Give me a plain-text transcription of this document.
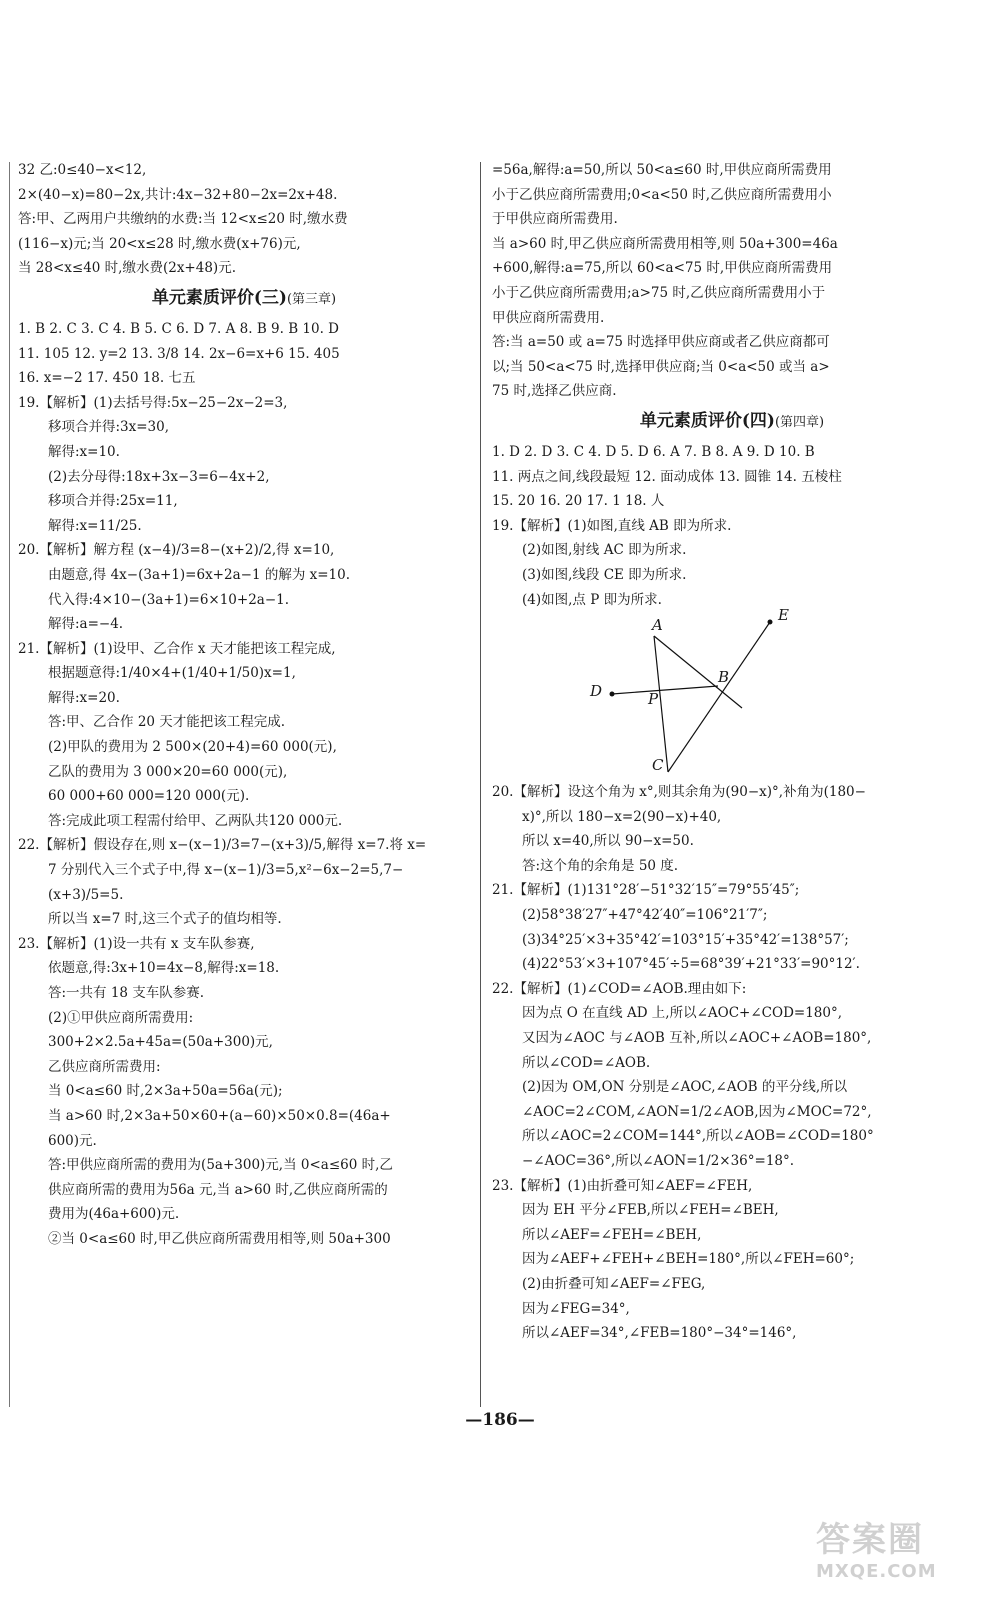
32 乙:0≤40−x<12,
2×(40−x)=80−2x,共计:4x−32+80−2x=2x+48.
答:甲、乙两用户共缴纳的水费:当 12<x≤20 时,缴水费
(116−x)元;当 20<x≤28 时,缴水费(x+76)元,
当 28<x≤40 时,缴水费(2x+48)元.
单元素质评价(三)(第三章)
1. B 2. C 3. C 4. B 5. C 6. D 7. A 8. B 9. B 10. D
11. 105 12. y=2 13. 3/8 14. 2x−6=x+6 15. 405
16. x=−2 17. 450 18. 七五
19.【解析】(1)去括号得:5x−25−2x−2=3,
移项合并得:3x=30,
解得:x=10.
(2)去分母得:18x+3x−3=6−4x+2,
移项合并得:25x=11,
解得:x=11/25.
20.【解析】解方程 (x−4)/3=8−(x+2)/2,得 x=10,
由题意,得 4x−(3a+1)=6x+2a−1 的解为 x=10.
代入得:4×10−(3a+1)=6×10+2a−1.
解得:a=−4.
21.【解析】(1)设甲、乙合作 x 天才能把该工程完成,
根据题意得:1/40×4+(1/40+1/50)x=1,
解得:x=20.
答:甲、乙合作 20 天才能把该工程完成.
(2)甲队的费用为 2 500×(20+4)=60 000(元),
乙队的费用为 3 000×20=60 000(元),
60 000+60 000=120 000(元).
答:完成此项工程需付给甲、乙两队共120 000元.
22.【解析】假设存在,则 x−(x−1)/3=7−(x+3)/5,解得 x=7.将 x=
7 分别代入三个式子中,得 x−(x−1)/3=5,x²−6x−2=5,7−
(x+3)/5=5.
所以当 x=7 时,这三个式子的值均相等.
23.【解析】(1)设一共有 x 支车队参赛,
依题意,得:3x+10=4x−8,解得:x=18.
答:一共有 18 支车队参赛.
(2)①甲供应商所需费用:
300+2×2.5a+45a=(50a+300)元,
乙供应商所需费用:
当 0<a≤60 时,2×3a+50a=56a(元);
当 a>60 时,2×3a+50×60+(a−60)×50×0.8=(46a+
600)元.
答:甲供应商所需的费用为(5a+300)元,当 0<a≤60 时,乙
供应商所需的费用为56a 元,当 a>60 时,乙供应商所需的
费用为(46a+600)元.
②当 0<a≤60 时,甲乙供应商所需费用相等,则 50a+300
=56a,解得:a=50,所以 50<a≤60 时,甲供应商所需费用
小于乙供应商所需费用;0<a<50 时,乙供应商所需费用小
于甲供应商所需费用.
当 a>60 时,甲乙供应商所需费用相等,则 50a+300=46a
+600,解得:a=75,所以 60<a<75 时,甲供应商所需费用
小于乙供应商所需费用;a>75 时,乙供应商所需费用小于
甲供应商所需费用.
答:当 a=50 或 a=75 时选择甲供应商或者乙供应商都可
以;当 50<a<75 时,选择甲供应商;当 0<a<50 或当 a>
75 时,选择乙供应商.
单元素质评价(四)(第四章)
1. D 2. D 3. C 4. D 5. D 6. A 7. B 8. A 9. D 10. B
11. 两点之间,线段最短 12. 面动成体 13. 圆锥 14. 五棱柱
15. 20 16. 20 17. 1 18. 人
19.【解析】(1)如图,直线 AB 即为所求.
(2)如图,射线 AC 即为所求.
(3)如图,线段 CE 即为所求.
(4)如图,点 P 即为所求.
A
E
B
D	P
C
20.【解析】设这个角为 x°,则其余角为(90−x)°,补角为(180−
x)°,所以 180−x=2(90−x)+40,
所以 x=40,所以 90−x=50.
答:这个角的余角是 50 度.
21.【解析】(1)131°28′−51°32′15″=79°55′45″;
(2)58°38′27″+47°42′40″=106°21′7″;
(3)34°25′×3+35°42′=103°15′+35°42′=138°57′;
(4)22°53′×3+107°45′÷5=68°39′+21°33′=90°12′.
22.【解析】(1)∠COD=∠AOB.理由如下:
因为点 O 在直线 AD 上,所以∠AOC+∠COD=180°,
又因为∠AOC 与∠AOB 互补,所以∠AOC+∠AOB=180°,
所以∠COD=∠AOB.
(2)因为 OM,ON 分别是∠AOC,∠AOB 的平分线,所以
∠AOC=2∠COM,∠AON=1/2∠AOB,因为∠MOC=72°,
所以∠AOC=2∠COM=144°,所以∠AOB=∠COD=180°
−∠AOC=36°,所以∠AON=1/2×36°=18°.
23.【解析】(1)由折叠可知∠AEF=∠FEH,
因为 EH 平分∠FEB,所以∠FEH=∠BEH,
所以∠AEF=∠FEH=∠BEH,
因为∠AEF+∠FEH+∠BEH=180°,所以∠FEH=60°;
(2)由折叠可知∠AEF=∠FEG,
因为∠FEG=34°,
所以∠AEF=34°,∠FEB=180°−34°=146°,
—186—
答案圈
MXQE.COM
